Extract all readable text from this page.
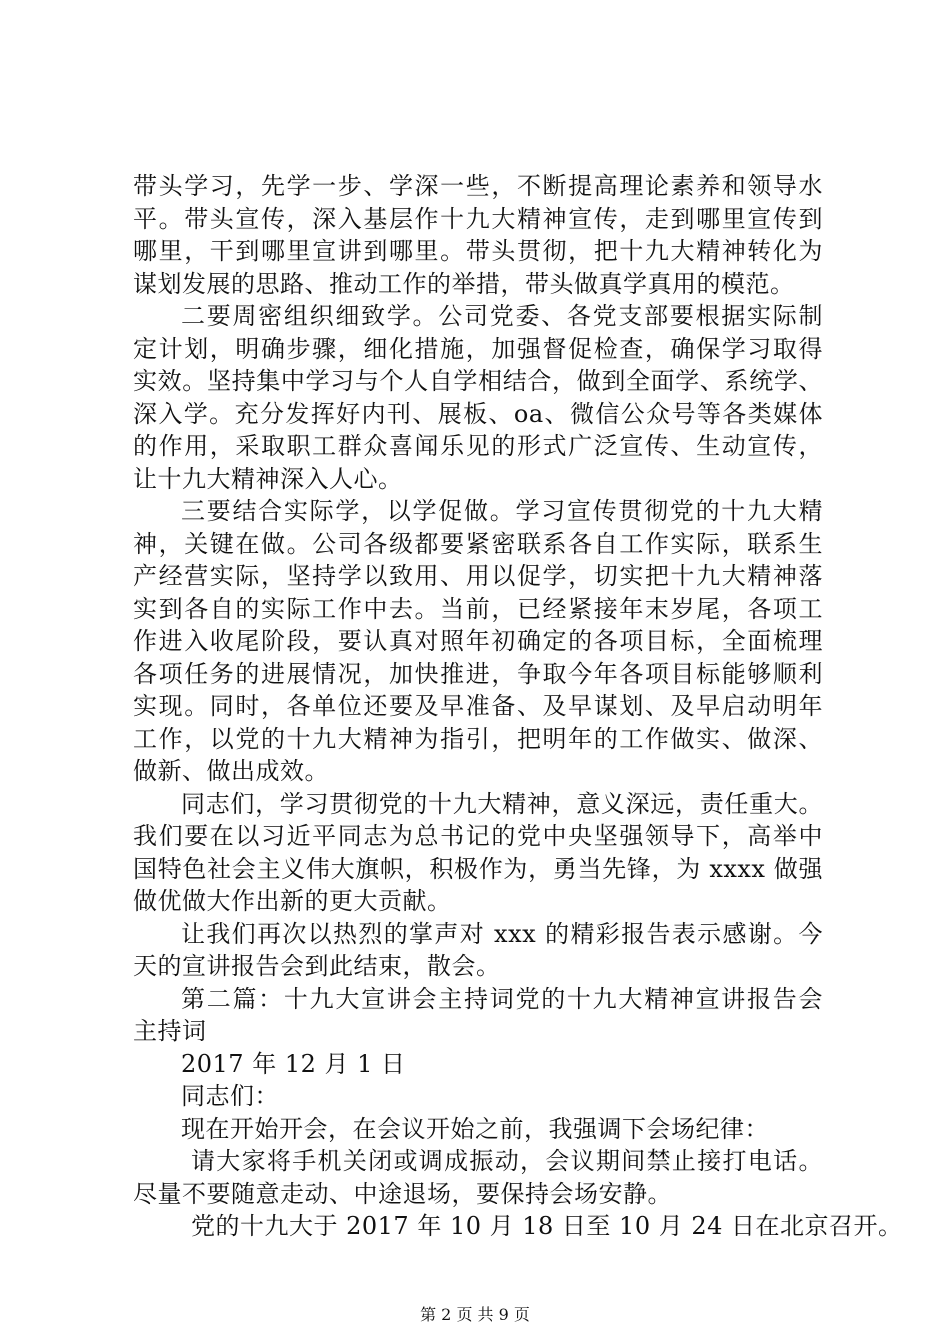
带头学习，先学一步、学深一些，不断提高理论素养和领导水
平。带头宣传，深入基层作十九大精神宣传，走到哪里宣传到
哪里，干到哪里宣讲到哪里。带头贯彻，把十九大精神转化为
谋划发展的思路、推动工作的举措，带头做真学真用的模范。
二要周密组织细致学。公司党委、各党支部要根据实际制
定计划，明确步骤，细化措施，加强督促检查，确保学习取得
实效。坚持集中学习与个人自学相结合，做到全面学、系统学、
深入学。充分发挥好内刊、展板、oa、微信公众号等各类媒体
的作用，采取职工群众喜闻乐见的形式广泛宣传、生动宣传，
让十九大精神深入人心。
三要结合实际学，以学促做。学习宣传贯彻党的十九大精
神，关键在做。公司各级都要紧密联系各自工作实际，联系生
产经营实际，坚持学以致用、用以促学，切实把十九大精神落
实到各自的实际工作中去。当前，已经紧接年末岁尾，各项工
作进入收尾阶段，要认真对照年初确定的各项目标，全面梳理
各项任务的进展情况，加快推进，争取今年各项目标能够顺利
实现。同时，各单位还要及早准备、及早谋划、及早启动明年
工作，以党的十九大精神为指引，把明年的工作做实、做深、
做新、做出成效。
同志们，学习贯彻党的十九大精神，意义深远，责任重大。
我们要在以习近平同志为总书记的党中央坚强领导下，高举中
国特色社会主义伟大旗帜，积极作为，勇当先锋，为 xxxx 做强
做优做大作出新的更大贡献。
让我们再次以热烈的掌声对 xxx 的精彩报告表示感谢。今
天的宣讲报告会到此结束，散会。
第二篇：十九大宣讲会主持词党的十九大精神宣讲报告会
主持词
2017 年 12 月 1 日
同志们：
现在开始开会，在会议开始之前，我强调下会场纪律：
请大家将手机关闭或调成振动，会议期间禁止接打电话。
尽量不要随意走动、中途退场，要保持会场安静。
党的十九大于 2017 年 10 月 18 日至 10 月 24 日在北京召开。
第 2 页 共 9 页
